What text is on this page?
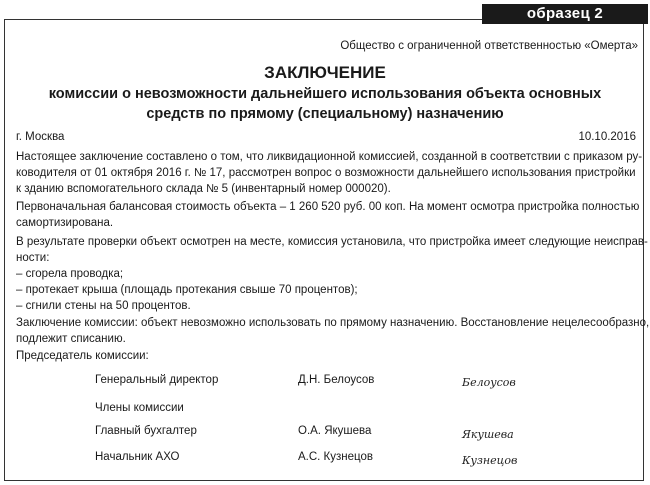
образец 2
Общество с ограниченной ответственностью «Омерта»
ЗАКЛЮЧЕНИЕ
комиссии о невозможности дальнейшего использования объекта основных
средств по прямому (специальному) назначению
г. Москва	10.10.2016
Настоящее заключение составлено о том, что ликвидационной комиссией, созданной в соответствии с приказом ру-
ководителя от 01 октября 2016 г. № 17, рассмотрен вопрос о возможности дальнейшего использования пристройки
к зданию вспомогательного склада № 5 (инвентарный номер 000020).
Первоначальная балансовая стоимость объекта – 1 260 520 руб. 00 коп. На момент осмотра пристройка полностью
самортизирована.
В результате проверки объект осмотрен на месте, комиссия установила, что пристройка имеет следующие неисправ-
ности:
– сгорела проводка;
– протекает крыша (площадь протекания свыше 70 процентов);
– сгнили стены на 50 процентов.
Заключение комиссии: объект невозможно использовать по прямому назначению. Восстановление нецелесообразно,
подлежит списанию.
Председатель комиссии:
Генеральный директор	Д.Н. Белоусов	Белоусов
Члены комиссии
Главный бухгалтер	О.А. Якушева	Якушева
Начальник АХО	А.С. Кузнецов	Кузнецов
